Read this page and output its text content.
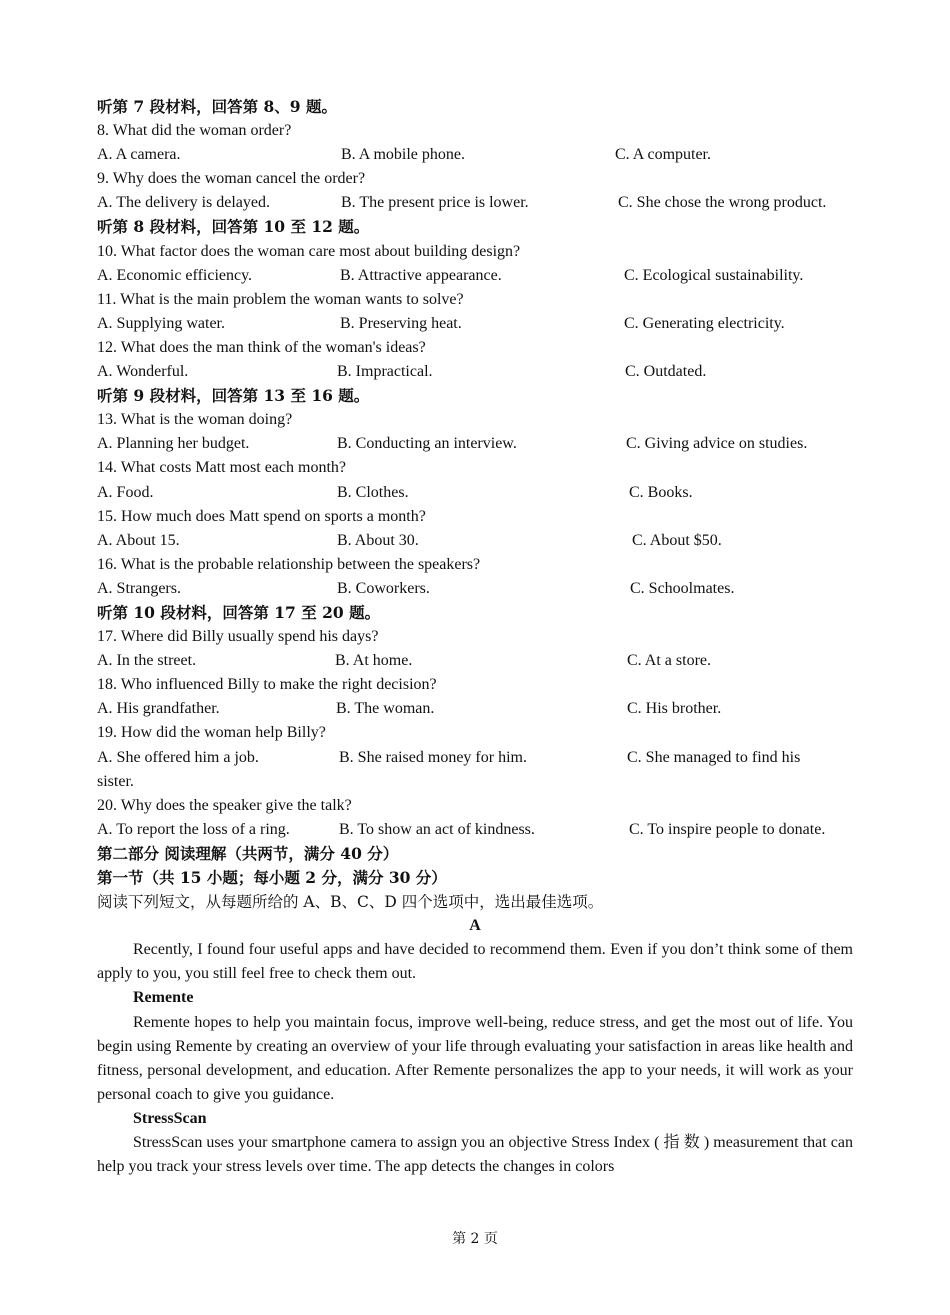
听第 7 段材料，回答第 8、9 题。
8. What did the woman order?
A. A camera.	B. A mobile phone.	C. A computer.
9. Why does the woman cancel the order?
A. The delivery is delayed.	B. The present price is lower.	C. She chose the wrong product.
听第 8 段材料，回答第 10 至 12 题。
10. What factor does the woman care most about building design?
A. Economic efficiency.	B. Attractive appearance.	C. Ecological sustainability.
11. What is the main problem the woman wants to solve?
A. Supplying water.	B. Preserving heat.	C. Generating electricity.
12. What does the man think of the woman's ideas?
A. Wonderful.	B. Impractical.	C. Outdated.
听第 9 段材料，回答第 13 至 16 题。
13. What is the woman doing?
A. Planning her budget.	B. Conducting an interview.	C. Giving advice on studies.
14. What costs Matt most each month?
A. Food.	B. Clothes.	C. Books.
15. How much does Matt spend on sports a month?
A. About 15.	B. About 30.	C. About $50.
16. What is the probable relationship between the speakers?
A. Strangers.	B. Coworkers.	C. Schoolmates.
听第 10 段材料，回答第 17 至 20 题。
17. Where did Billy usually spend his days?
A. In the street.	B. At home.	C. At a store.
18. Who influenced Billy to make the right decision?
A. His grandfather.	B. The woman.	C. His brother.
19. How did the woman help Billy?
A. She offered him a job.	B. She raised money for him.	C. She managed to find his
sister.
20. Why does the speaker give the talk?
A. To report the loss of a ring.	B. To show an act of kindness.	C. To inspire people to donate.
第二部分 阅读理解（共两节，满分 40 分）
第一节（共 15 小题；每小题 2 分，满分 30 分）
阅读下列短文，从每题所给的 A、B、C、D 四个选项中，选出最佳选项。
A
Recently, I found four useful apps and have decided to recommend them. Even if you don’t think some of them apply to you, you still feel free to check them out.
Remente
Remente hopes to help you maintain focus, improve well-being, reduce stress, and get the most out of life. You begin using Remente by creating an overview of your life through evaluating your satisfaction in areas like health and fitness, personal development, and education. After Remente personalizes the app to your needs, it will work as your personal coach to give you guidance.
StressScan
StressScan uses your smartphone camera to assign you an objective Stress Index ( 指 数 ) measurement that can help you track your stress levels over time. The app detects the changes in colors
第 2 页
